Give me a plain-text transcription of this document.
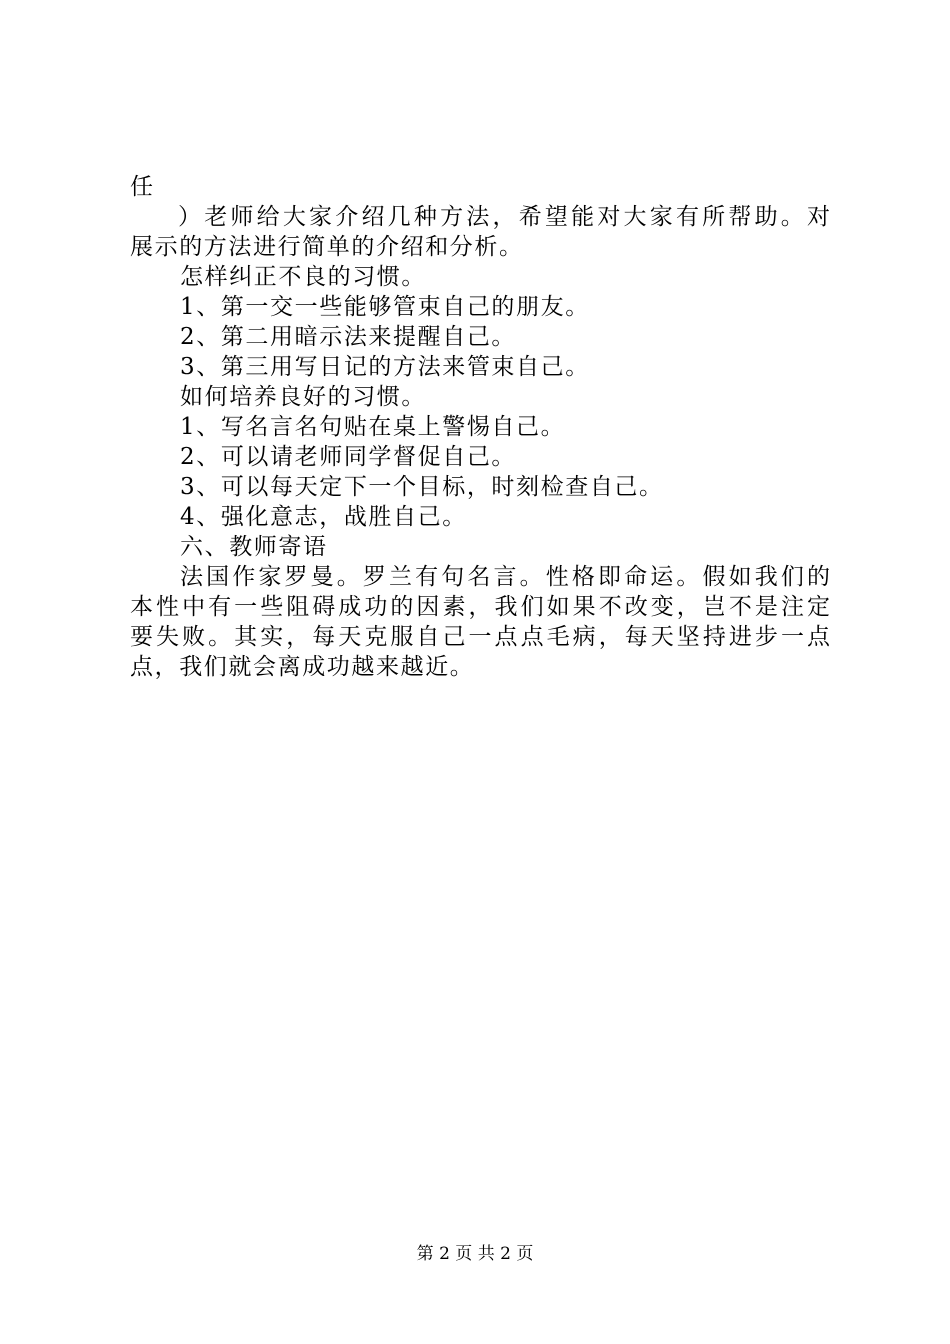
任
）老师给大家介绍几种方法，希望能对大家有所帮助。对
展示的方法进行简单的介绍和分析。
怎样纠正不良的习惯。
1、第一交一些能够管束自己的朋友。
2、第二用暗示法来提醒自己。
3、第三用写日记的方法来管束自己。
如何培养良好的习惯。
1、写名言名句贴在桌上警惕自己。
2、可以请老师同学督促自己。
3、可以每天定下一个目标，时刻检查自己。
4、强化意志，战胜自己。
六、教师寄语
法国作家罗曼。罗兰有句名言。性格即命运。假如我们的
本性中有一些阻碍成功的因素，我们如果不改变，岂不是注定
要失败。其实，每天克服自己一点点毛病，每天坚持进步一点
点，我们就会离成功越来越近。
第 2 页 共 2 页
